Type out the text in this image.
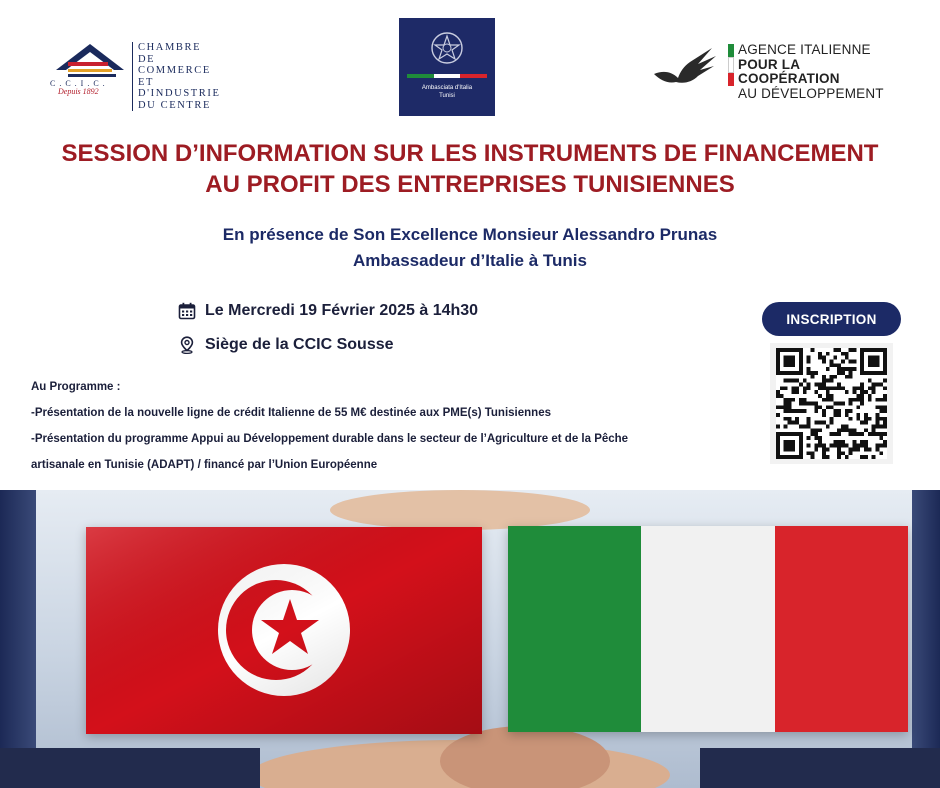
C.C.I.C.
CHAMBRE
DE COMMERCE
ET D'INDUSTRIE
DU CENTRE
Depuis 1892	Ambasciata d'Italia
Tunisi
AGENCE ITALIENNE
POUR LA COOPÉRATION
AU DÉVELOPPEMENT
SESSION D’INFORMATION SUR LES INSTRUMENTS DE FINANCEMENT
AU PROFIT DES ENTREPRISES TUNISIENNES
En présence de Son Excellence Monsieur Alessandro Prunas
Ambassadeur d’Italie à Tunis
Le Mercredi 19 Février 2025 à 14h30
Siège de la CCIC Sousse
Au Programme :
-Présentation de la nouvelle ligne de crédit Italienne de 55 M€ destinée aux PME(s) Tunisiennes
-Présentation du programme Appui au Développement durable dans le secteur de l’Agriculture et de la Pêche
artisanale en Tunisie (ADAPT) / financé par l’Union Européenne
INSCRIPTION
